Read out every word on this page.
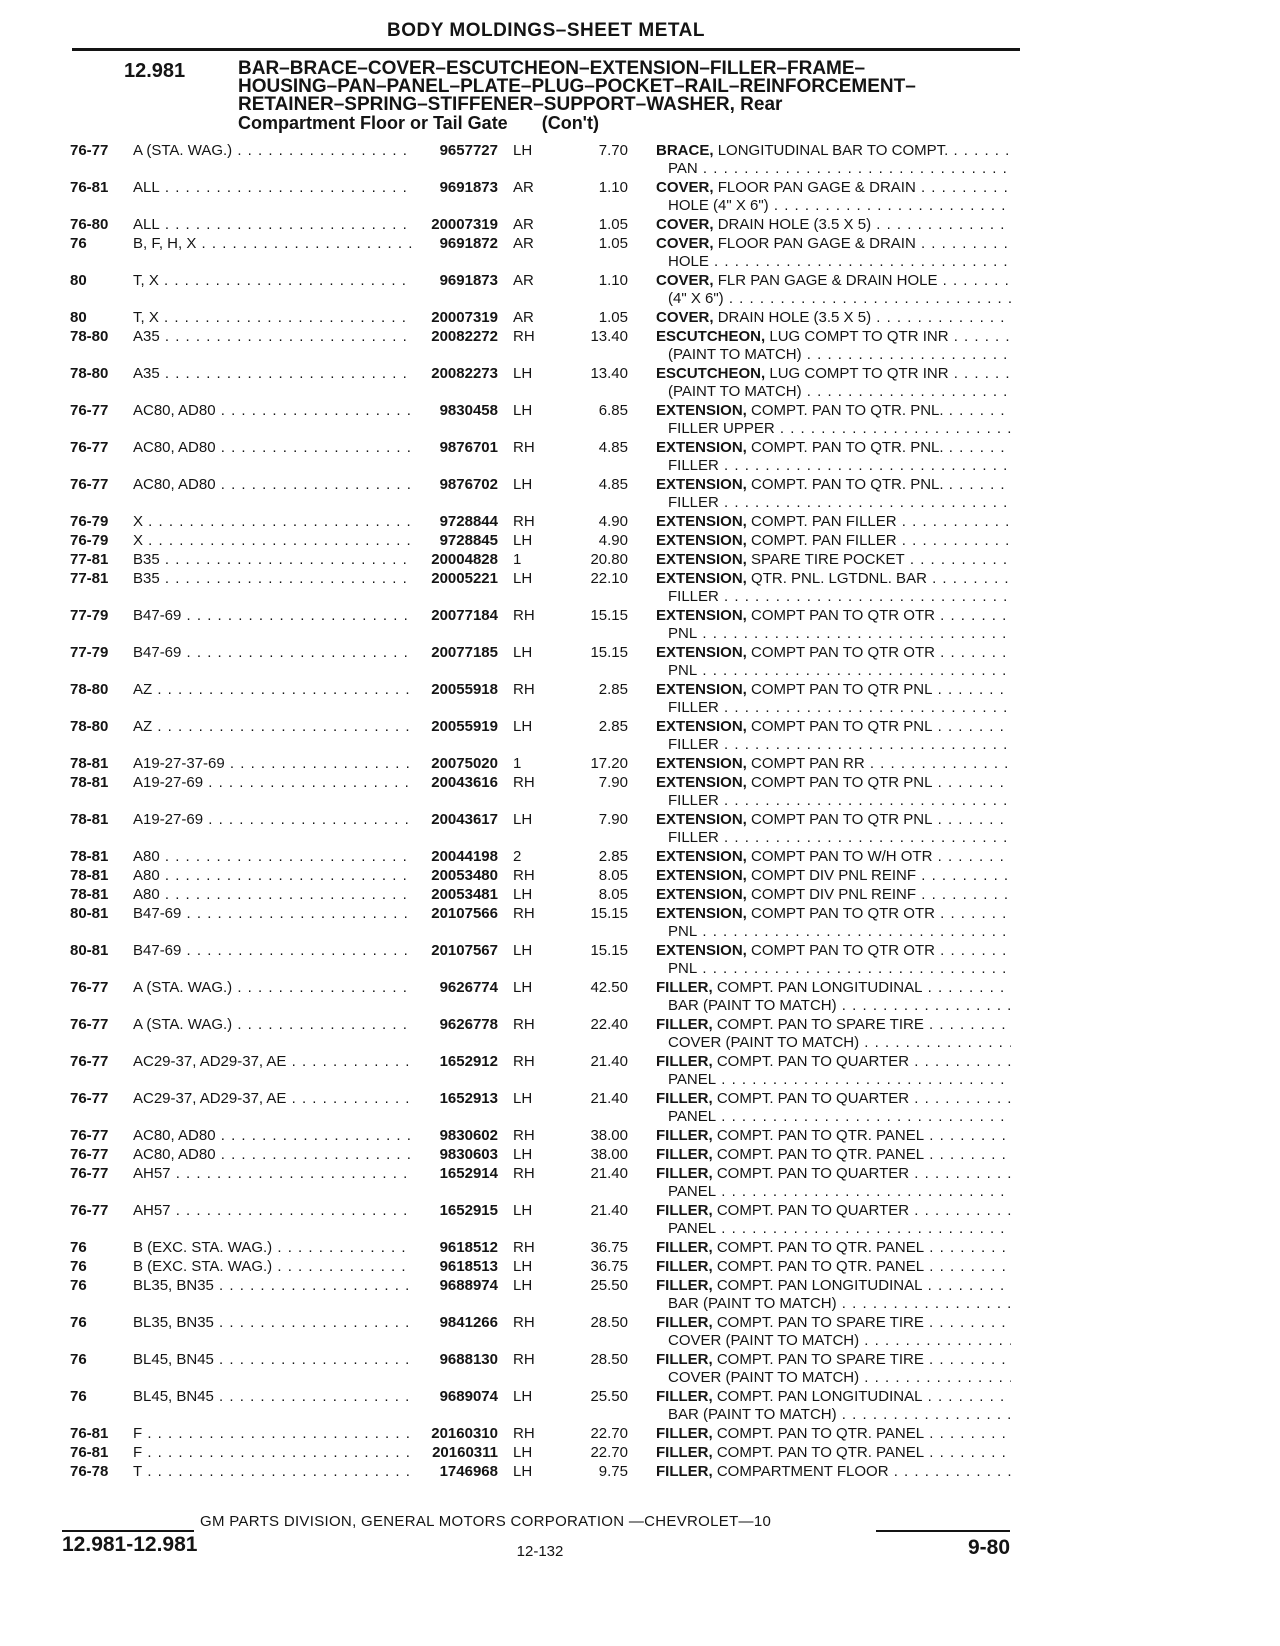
BODY MOLDINGS–SHEET METAL
12.981	BAR–BRACE–COVER–ESCUTCHEON–EXTENSION–FILLER–FRAME–
HOUSING–PAN–PANEL–PLATE–PLUG–POCKET–RAIL–REINFORCEMENT–
RETAINER–SPRING–STIFFENER–SUPPORT–WASHER, Rear
Compartment Floor or Tail Gate (Con't)
76-77 A (STA. WAG.) . . .	9657727 LH	7.70 BRACE, LONGITUDINAL BAR TO COMPT. . . .
PAN . . .
76-81 ALL . . .	9691873 AR	1.10 COVER, FLOOR PAN GAGE & DRAIN . . .
HOLE (4" X 6") . . .
76-80 ALL . . .	20007319 AR	1.05 COVER, DRAIN HOLE (3.5 X 5) . . .
76	B, F, H, X . . .	9691872 AR	1.05 COVER, FLOOR PAN GAGE & DRAIN . . .
HOLE . . .
80	T, X . . .	9691873 AR	1.10 COVER, FLR PAN GAGE & DRAIN HOLE . . .
(4" X 6") . . .
80	T, X . . .	20007319 AR	1.05 COVER, DRAIN HOLE (3.5 X 5) . . .
78-80 A35 . . .	20082272 RH	13.40 ESCUTCHEON, LUG COMPT TO QTR INR . . .
(PAINT TO MATCH) . . .
78-80 A35 . . .	20082273 LH	13.40 ESCUTCHEON, LUG COMPT TO QTR INR . . .
(PAINT TO MATCH) . . .
76-77 AC80, AD80 . . .	9830458 LH	6.85 EXTENSION, COMPT. PAN TO QTR. PNL. . . .
FILLER UPPER . . .
76-77 AC80, AD80 . . .	9876701 RH	4.85 EXTENSION, COMPT. PAN TO QTR. PNL. . . .
FILLER . . .
76-77 AC80, AD80 . . .	9876702 LH	4.85 EXTENSION, COMPT. PAN TO QTR. PNL. . . .
FILLER . . .
76-79 X . . .	9728844 RH	4.90 EXTENSION, COMPT. PAN FILLER . . .
76-79 X . . .	9728845 LH	4.90 EXTENSION, COMPT. PAN FILLER . . .
77-81 B35 . . .	20004828 1	20.80 EXTENSION, SPARE TIRE POCKET . . .
77-81 B35 . . .	20005221 LH	22.10 EXTENSION, QTR. PNL. LGTDNL. BAR . . .
FILLER . . .
77-79 B47-69 . . .	20077184 RH	15.15 EXTENSION, COMPT PAN TO QTR OTR . . .
PNL . . .
77-79 B47-69 . . .	20077185 LH	15.15 EXTENSION, COMPT PAN TO QTR OTR . . .
PNL . . .
78-80 AZ . . .	20055918 RH	2.85 EXTENSION, COMPT PAN TO QTR PNL . . .
FILLER . . .
78-80 AZ . . .	20055919 LH	2.85 EXTENSION, COMPT PAN TO QTR PNL . . .
FILLER . . .
78-81 A19-27-37-69 . . .	20075020 1	17.20 EXTENSION, COMPT PAN RR . . .
78-81 A19-27-69 . . .	20043616 RH	7.90 EXTENSION, COMPT PAN TO QTR PNL . . .
FILLER . . .
78-81 A19-27-69 . . .	20043617 LH	7.90 EXTENSION, COMPT PAN TO QTR PNL . . .
FILLER . . .
78-81 A80 . . .	20044198 2	2.85 EXTENSION, COMPT PAN TO W/H OTR . . .
78-81 A80 . . .	20053480 RH	8.05 EXTENSION, COMPT DIV PNL REINF . . .
78-81 A80 . . .	20053481 LH	8.05 EXTENSION, COMPT DIV PNL REINF . . .
80-81 B47-69 . . .	20107566 RH	15.15 EXTENSION, COMPT PAN TO QTR OTR . . .
PNL . . .
80-81 B47-69 . . .	20107567 LH	15.15 EXTENSION, COMPT PAN TO QTR OTR . . .
PNL . . .
76-77 A (STA. WAG.) . . .	9626774 LH	42.50 FILLER, COMPT. PAN LONGITUDINAL . . .
BAR (PAINT TO MATCH) . . .
76-77 A (STA. WAG.) . . .	9626778 RH	22.40 FILLER, COMPT. PAN TO SPARE TIRE . . .
COVER (PAINT TO MATCH) . . .
76-77 AC29-37, AD29-37, AE . . .	1652912 RH	21.40 FILLER, COMPT. PAN TO QUARTER . . .
PANEL . . .
76-77 AC29-37, AD29-37, AE . . .	1652913 LH	21.40 FILLER, COMPT. PAN TO QUARTER . . .
PANEL . . .
76-77 AC80, AD80 . . .	9830602 RH	38.00 FILLER, COMPT. PAN TO QTR. PANEL . . .
76-77 AC80, AD80 . . .	9830603 LH	38.00 FILLER, COMPT. PAN TO QTR. PANEL . . .
76-77 AH57 . . .	1652914 RH	21.40 FILLER, COMPT. PAN TO QUARTER . . .
PANEL . . .
76-77 AH57 . . .	1652915 LH	21.40 FILLER, COMPT. PAN TO QUARTER . . .
PANEL . . .
76	B (EXC. STA. WAG.) . . .	9618512 RH	36.75 FILLER, COMPT. PAN TO QTR. PANEL . . .
76	B (EXC. STA. WAG.) . . .	9618513 LH	36.75 FILLER, COMPT. PAN TO QTR. PANEL . . .
76	BL35, BN35 . . .	9688974 LH	25.50 FILLER, COMPT. PAN LONGITUDINAL . . .
BAR (PAINT TO MATCH) . . .
76	BL35, BN35 . . .	9841266 RH	28.50 FILLER, COMPT. PAN TO SPARE TIRE . . .
COVER (PAINT TO MATCH) . . .
76	BL45, BN45 . . .	9688130 RH	28.50 FILLER, COMPT. PAN TO SPARE TIRE . . .
COVER (PAINT TO MATCH) . . .
76	BL45, BN45 . . .	9689074 LH	25.50 FILLER, COMPT. PAN LONGITUDINAL . . .
BAR (PAINT TO MATCH) . . .
76-81 F . . .	20160310 RH	22.70 FILLER, COMPT. PAN TO QTR. PANEL . . .
76-81 F . . .	20160311 LH	22.70 FILLER, COMPT. PAN TO QTR. PANEL . . .
76-78 T . . .	1746968 LH	9.75 FILLER, COMPARTMENT FLOOR . . .
GM PARTS DIVISION, GENERAL MOTORS CORPORATION —CHEVROLET—10
12.981-12.981	12-132	9-80
